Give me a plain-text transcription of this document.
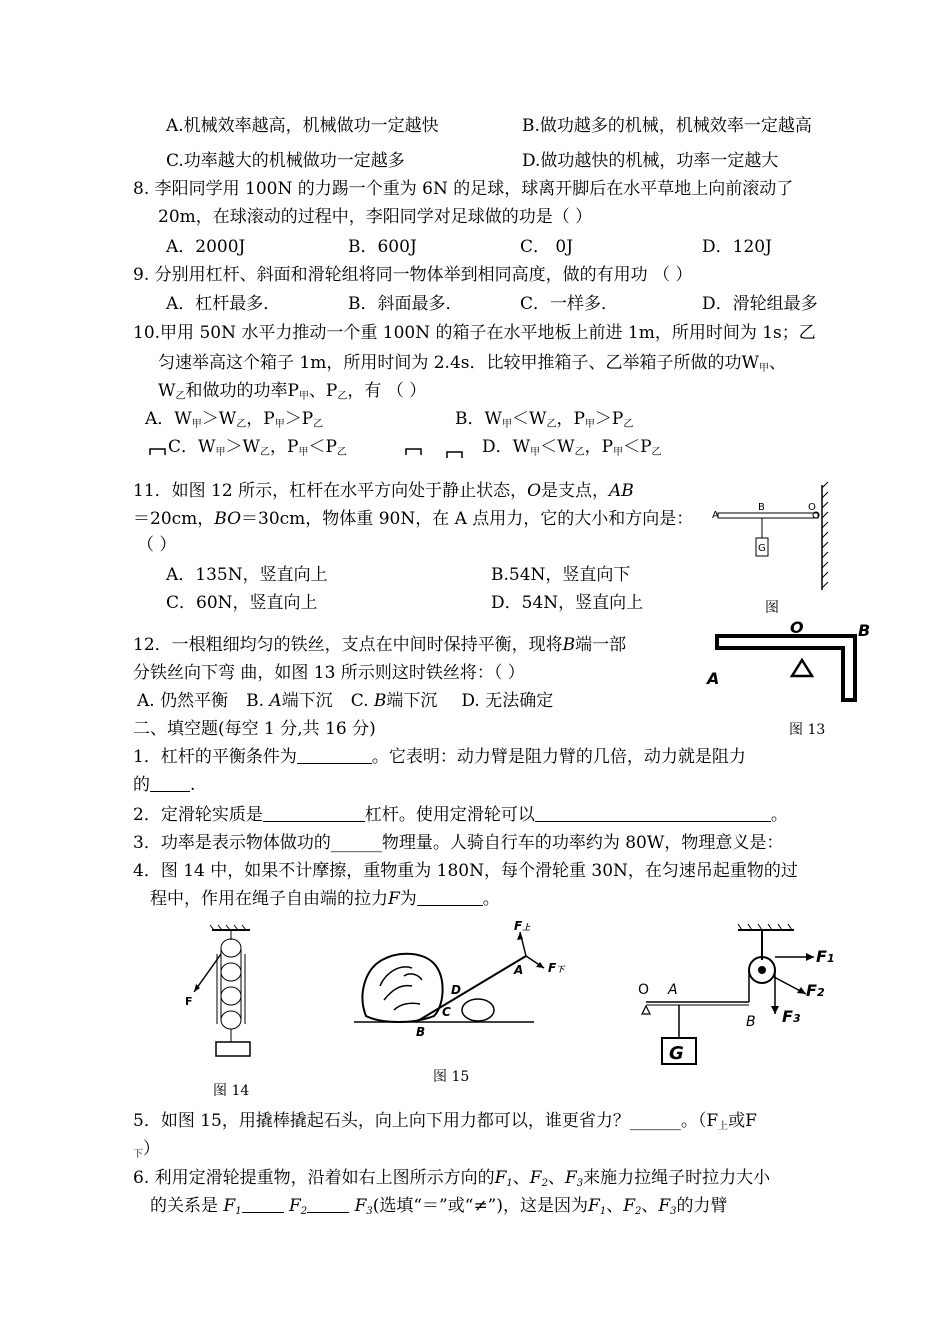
A.机械效率越高，机械做功一定越快	B.做功越多的机械，机械效率一定越高
C.功率越大的机械做功一定越多	D.做功越快的机械，功率一定越大
8. 李阳同学用 100N 的力踢一个重为 6N 的足球，球离开脚后在水平草地上向前滚动了
20m，在球滚动的过程中，李阳同学对足球做的功是（ ）
A．2000J	B．600J	C． 0J	D．120J
9. 分别用杠杆、斜面和滑轮组将同一物体举到相同高度，做的有用功 （ ）
A．杠杆最多．	B．斜面最多．	C．一样多．	D．滑轮组最多
10.甲用 50N 水平力推动一个重 100N 的箱子在水平地板上前进 1m，所用时间为 1s；乙
匀速举高这个箱子 1m，所用时间为 2.4s．比较甲推箱子、乙举箱子所做的功$W_甲$、
$W_乙$和做功的功率$P_甲$、$P_乙$，有 （ ）
A．$W_甲>W_乙$，$P_甲>P_乙$	B．$W_甲<W_乙$，$P_甲>P_乙$
C．$W_甲>W_乙$，$P_甲<P_乙$	D．$W_甲<W_乙$，$P_甲<P_乙$
11．如图 12 所示，杠杆在水平方向处于静止状态，O是支点，AB
＝20cm，BO＝30cm，物体重 90N，在 A 点用力，它的大小和方向是：
（ ）
A．135N，竖直向上	B.54N，竖直向下
C．60N，竖直向上	D．54N，竖直向上
A
B	O
G
图
12．一根粗细均匀的铁丝，支点在中间时保持平衡，现将B端一部
分铁丝向下弯 曲，如图 13 所示则这时铁丝将：（ ）
A. 仍然平衡 B. A端下沉 C. B端下沉 D. 无法确定
O	B
A
图 13
二、填空题(每空 1 分,共 16 分)
1．杠杆的平衡条件为	。它表明：动力臂是阻力臂的几倍，动力就是阻力
的 .
2．定滑轮实质是	杠杆。使用定滑轮可以	。
3．功率是表示物体做功的______物理量。人骑自行车的功率约为 80W，物理意义是：
4．图 14 中，如果不计摩擦，重物重为 180N，每个滑轮重 30N，在匀速吊起重物的过
程中，作用在绳子自由端的拉力F为	。
F
图 14
F上
F下
A
B
C
D
图 15
O A
B
G
F1
F2
F3
5．如图 15，用撬棒撬起石头，向上向下用力都可以，谁更省力？______。（$F_上$或F
$_下$）
6. 利用定滑轮提重物，沿着如右上图所示方向的$F_1$、$F_2$、$F_3$来施力拉绳子时拉力大小
的关系是 $F_1$	$F_2$	$F_3$(选填“＝”或“≠”)，这是因为$F_1$、$F_2$、$F_3$的力臂
